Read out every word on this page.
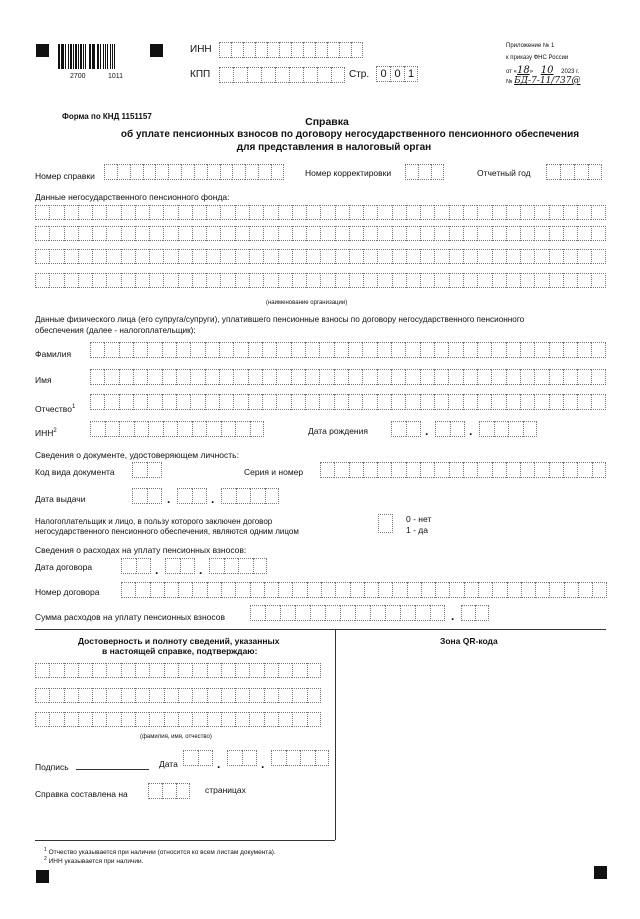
2700	1011
ИНН
КПП	Стр.	0 0 1
Приложение № 1
к приказу ФНС России
от «18» 10 2023 г.
№ БД-7-11/737@
Форма по КНД 1151157	Справка
об уплате пенсионных взносов по договору негосударственного пенсионного обеспечения
для представления в налоговый орган
Номер справки	Номер корректировки	Отчетный год
Данные негосударственного пенсионного фонда:
(наименование организации)
Данные физического лица (его супруга/супруги), уплатившего пенсионные взносы по договору негосударственного пенсионного
обеспечения (далее - налогоплательщик):
Фамилия
Имя
Отчество$^1$
ИНН$^2$	Дата рождения	.	.
Сведения о документе, удостоверяющем личность:
Код вида документа	Серия и номер
Дата выдачи	.	.
Налогоплательщик и лицо, в пользу которого заключен договор
негосударственного пенсионного обеспечения, являются одним лицом
0 - нет
1 - да
Сведения о расходах на уплату пенсионных взносов:
Дата договора	.	.
Номер договора
Сумма расходов на уплату пенсионных взносов	.
Достоверность и полноту сведений, указанных
в настоящей справке, подтверждаю:
Зона QR-кода
(фамилия, имя, отчество)
Подпись	Дата	.	.
Справка составлена на	страницах
$^1$ Отчество указывается при наличии (относится ко всем листам документа).
$^2$ ИНН указывается при наличии.
